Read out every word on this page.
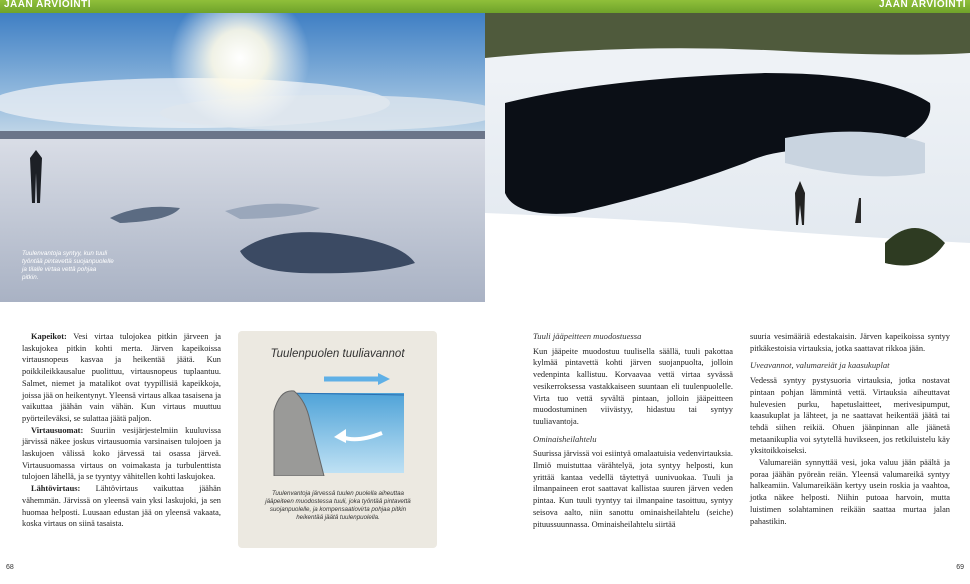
JÄÄN ARVIOINTI	JÄÄN ARVIOINTI
Tuulenvantoja syntyy, kun tuuli
työntää pintavettä suojanpuolelle
ja tilalle virtaa vettä pohjaa
pitkin.
Tyypillinen kapeikko, salmi saaristossa,
todennäköisesti samassa paikassa on matalikko.
Jääreunojsta päätellen vesi on virrannut vasemmalta.
Virtauksen on laukaissut aiheuttanut tuuli tai
ilmanpaineen muutokset.

Kapeikot: Vesi virtaa tulojokea pitkin järveen ja laskujokea pitkin kohti merta. Järven kapeikoissa virtausnopeus kasvaa ja heikentää jäätä. Kun poikkileikkausalue puolittuu, virtausnopeus tuplaantuu. Salmet, niemet ja matalikot ovat tyypillisiä kapeikkoja, joissa jää on heikentynyt. Yleensä virtaus alkaa tasaisena ja vaikuttaa jäähän vain vähän. Kun virtaus muuttuu pyörteileväksi, se sulattaa jäätä paljon.

Virtausuomat: Suuriin vesijärjestelmiin kuuluvissa järvissä näkee joskus virtausuomia varsinaisen tulojoen ja laskujoen välissä koko järvessä tai osassa järveä. Virtausuomassa virtaus on voimakasta ja turbulenttista tulojoen lähellä, ja se tyyntyy vähitellen kohti laskujokea.

Lähtövirtaus: Lähtövirtaus vaikuttaa jäähän vähemmän. Järvissä on yleensä vain yksi laskujoki, ja sen huomaa helposti. Luusaan edustan jää on yleensä vakaata, koska virtaus on siinä tasaista.

Tuulenpuolen tuuliavannot
Tuulenvantoja järvessä tuulen puolella aiheuttaa
jääpeiteen muodostessa tuuli, joka työntää pintavettä
suojanpuolelle, ja kompensaatiovirta pohjaa pitkin
heikentää jäätä tuulenpuolella.
Tuuli jääpeitteen muodostuessa

Kun jääpeite muodostuu tuulisella säällä, tuuli pakottaa kylmää pintavettä kohti järven suojanpuolta, jolloin vedenpinta kallistuu. Korvaavaa vettä virtaa syvässä vesikerroksessa vastakkaiseen suuntaan eli tuulenpuolelle. Virta tuo vettä syvältä pintaan, jolloin jääpeitteen muodostuminen viivästyy, hidastuu tai syntyy tuuliavantoja.

Ominaisheilahtelu

Suurissa järvissä voi esiintyä omalaatuisia vedenvirtauksia. Ilmiö muistuttaa värähtelyä, jota syntyy helposti, kun yrittää kantaa vedellä täytettyä uunivuokaa. Tuuli ja ilmanpaineen erot saattavat kallistaa suuren järven veden pintaa. Kun tuuli tyyntyy tai ilmanpaine tasoittuu, syntyy seisova aalto, niin sanottu ominaisheilahtelu (seiche) pituussuunnassa. Ominaisheilahtelu siirtää

suuria vesimääriä edestakaisin. Järven kapeikoissa syntyy pitkäkestoisia virtauksia, jotka saattavat rikkoa jään.

Uveavannot, valumareiät ja kaasukuplat

Vedessä syntyy pystysuoria virtauksia, jotka nostavat pintaan pohjan lämmintä vettä. Virtauksia aiheuttavat hulevesien purku, hapetuslaitteet, merivesipumput, kaasukuplat ja lähteet, ja ne saattavat heikentää jäätä tai tehdä siihen reikiä. Ohuen jäänpinnan alle jäänetä metaanikuplia voi sytytellä huvikseen, jos retkiluistelu käy yksitoikkoiseksi.

Valumareiän synnyttää vesi, joka valuu jään päältä ja poraa jäähän pyöreän reiän. Yleensä valumareikä syntyy halkeamiin. Valumareikään kertyy usein roskia ja vaahtoa, jotka näkee helposti. Niihin putoaa harvoin, mutta luistimen solahtaminen reikään saattaa murtaa jalan pahastikin.

68	69
